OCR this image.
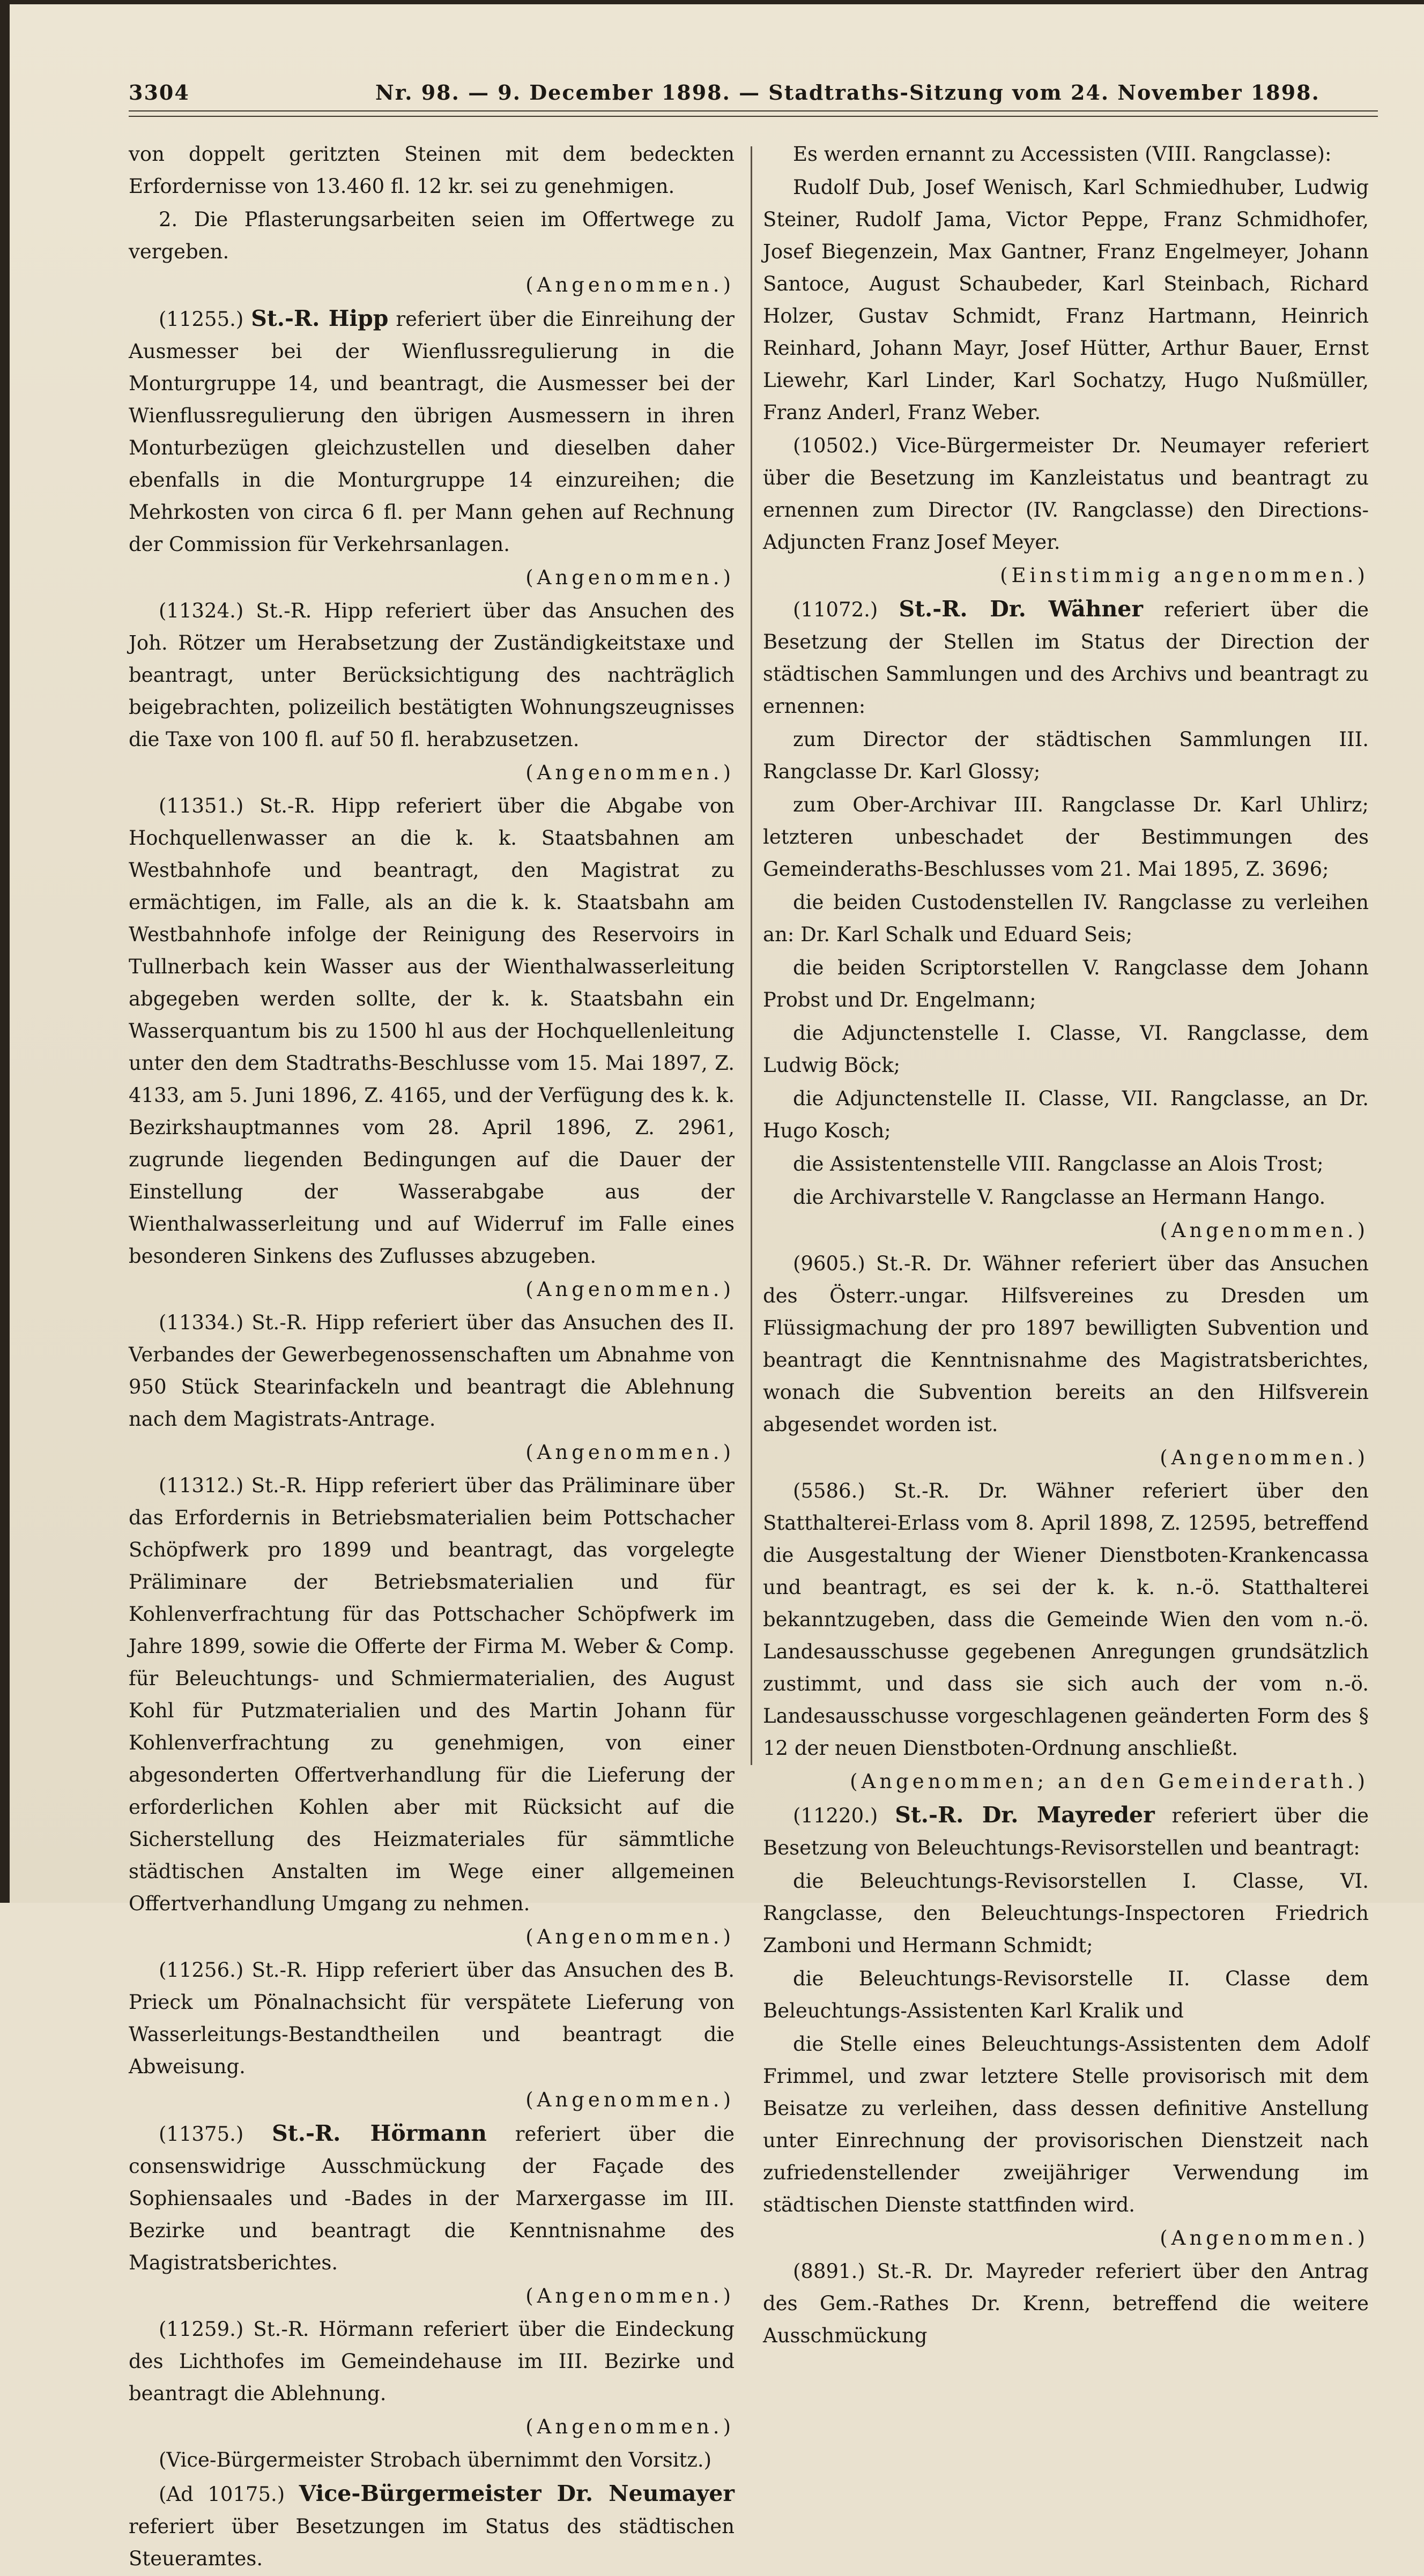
3304	Nr. 98. — 9. December 1898. — Stadtraths-Sitzung vom 24. November 1898.

von doppelt geritzten Steinen mit dem bedeckten Erfordernisse von 13.460 fl. 12 kr. sei zu genehmigen.

2. Die Pflasterungsarbeiten seien im Offertwege zu vergeben.

(Angenommen.)

(11255.) St.-R. Hipp referiert über die Einreihung der Ausmesser bei der Wienflussregulierung in die Monturgruppe 14, und beantragt, die Ausmesser bei der Wienflussregulierung den übrigen Ausmessern in ihren Monturbezügen gleichzustellen und dieselben daher ebenfalls in die Monturgruppe 14 einzureihen; die Mehrkosten von circa 6 fl. per Mann gehen auf Rechnung der Commission für Verkehrsanlagen.

(Angenommen.)

(11324.) St.-R. Hipp referiert über das Ansuchen des Joh. Rötzer um Herabsetzung der Zuständigkeitstaxe und beantragt, unter Berücksichtigung des nachträglich beigebrachten, polizeilich bestätigten Wohnungszeugnisses die Taxe von 100 fl. auf 50 fl. herabzusetzen.

(Angenommen.)

(11351.) St.-R. Hipp referiert über die Abgabe von Hochquellenwasser an die k. k. Staatsbahnen am Westbahnhofe und beantragt, den Magistrat zu ermächtigen, im Falle, als an die k. k. Staatsbahn am Westbahnhofe infolge der Reinigung des Reservoirs in Tullnerbach kein Wasser aus der Wienthalwasserleitung abgegeben werden sollte, der k. k. Staatsbahn ein Wasserquantum bis zu 1500 hl aus der Hochquellenleitung unter den dem Stadtraths-Beschlusse vom 15. Mai 1897, Z. 4133, am 5. Juni 1896, Z. 4165, und der Verfügung des k. k. Bezirkshauptmannes vom 28. April 1896, Z. 2961, zugrunde liegenden Bedingungen auf die Dauer der Einstellung der Wasserabgabe aus der Wienthalwasserleitung und auf Widerruf im Falle eines besonderen Sinkens des Zuflusses abzugeben.

(Angenommen.)

(11334.) St.-R. Hipp referiert über das Ansuchen des II. Verbandes der Gewerbegenossenschaften um Abnahme von 950 Stück Stearinfackeln und beantragt die Ablehnung nach dem Magistrats-Antrage.

(Angenommen.)

(11312.) St.-R. Hipp referiert über das Präliminare über das Erfordernis in Betriebsmaterialien beim Pottschacher Schöpfwerk pro 1899 und beantragt, das vorgelegte Präliminare der Betriebsmaterialien und für Kohlenverfrachtung für das Pottschacher Schöpfwerk im Jahre 1899, sowie die Offerte der Firma M. Weber & Comp. für Beleuchtungs- und Schmiermaterialien, des August Kohl für Putzmaterialien und des Martin Johann für Kohlenverfrachtung zu genehmigen, von einer abgesonderten Offertverhandlung für die Lieferung der erforderlichen Kohlen aber mit Rücksicht auf die Sicherstellung des Heizmateriales für sämmtliche städtischen Anstalten im Wege einer allgemeinen Offertverhandlung Umgang zu nehmen.

(Angenommen.)

(11256.) St.-R. Hipp referiert über das Ansuchen des B. Prieck um Pönalnachsicht für verspätete Lieferung von Wasserleitungs-Bestandtheilen und beantragt die Abweisung.

(Angenommen.)

(11375.) St.-R. Hörmann referiert über die consenswidrige Ausschmückung der Façade des Sophiensaales und -Bades in der Marxergasse im III. Bezirke und beantragt die Kenntnisnahme des Magistratsberichtes.

(Angenommen.)

(11259.) St.-R. Hörmann referiert über die Eindeckung des Lichthofes im Gemeindehause im III. Bezirke und beantragt die Ablehnung.

(Angenommen.)

(Vice-Bürgermeister Strobach übernimmt den Vorsitz.)

(Ad 10175.) Vice-Bürgermeister Dr. Neumayer referiert über Besetzungen im Status des städtischen Steueramtes.

Es werden ernannt zu Accessisten (VIII. Rangclasse):

Rudolf Dub, Josef Wenisch, Karl Schmiedhuber, Ludwig Steiner, Rudolf Jama, Victor Peppe, Franz Schmidhofer, Josef Biegenzein, Max Gantner, Franz Engelmeyer, Johann Santoce, August Schaubeder, Karl Steinbach, Richard Holzer, Gustav Schmidt, Franz Hartmann, Heinrich Reinhard, Johann Mayr, Josef Hütter, Arthur Bauer, Ernst Liewehr, Karl Linder, Karl Sochatzy, Hugo Nußmüller, Franz Anderl, Franz Weber.

(10502.) Vice-Bürgermeister Dr. Neumayer referiert über die Besetzung im Kanzleistatus und beantragt zu ernennen zum Director (IV. Rangclasse) den Directions-Adjuncten Franz Josef Meyer.

(Einstimmig angenommen.)

(11072.) St.-R. Dr. Wähner referiert über die Besetzung der Stellen im Status der Direction der städtischen Sammlungen und des Archivs und beantragt zu ernennen:

zum Director der städtischen Sammlungen III. Rangclasse Dr. Karl Glossy;

zum Ober-Archivar III. Rangclasse Dr. Karl Uhlirz; letzteren unbeschadet der Bestimmungen des Gemeinderaths-Beschlusses vom 21. Mai 1895, Z. 3696;

die beiden Custodenstellen IV. Rangclasse zu verleihen an: Dr. Karl Schalk und Eduard Seis;

die beiden Scriptorstellen V. Rangclasse dem Johann Probst und Dr. Engelmann;

die Adjunctenstelle I. Classe, VI. Rangclasse, dem Ludwig Böck;

die Adjunctenstelle II. Classe, VII. Rangclasse, an Dr. Hugo Kosch;

die Assistentenstelle VIII. Rangclasse an Alois Trost;

die Archivarstelle V. Rangclasse an Hermann Hango.

(Angenommen.)

(9605.) St.-R. Dr. Wähner referiert über das Ansuchen des Österr.-ungar. Hilfsvereines zu Dresden um Flüssigmachung der pro 1897 bewilligten Subvention und beantragt die Kenntnisnahme des Magistratsberichtes, wonach die Subvention bereits an den Hilfsverein abgesendet worden ist.

(Angenommen.)

(5586.) St.-R. Dr. Wähner referiert über den Statthalterei-Erlass vom 8. April 1898, Z. 12595, betreffend die Ausgestaltung der Wiener Dienstboten-Krankencassa und beantragt, es sei der k. k. n.-ö. Statthalterei bekanntzugeben, dass die Gemeinde Wien den vom n.-ö. Landesausschusse gegebenen Anregungen grundsätzlich zustimmt, und dass sie sich auch der vom n.-ö. Landesausschusse vorgeschlagenen geänderten Form des § 12 der neuen Dienstboten-Ordnung anschließt.

(Angenommen; an den Gemeinderath.)

(11220.) St.-R. Dr. Mayreder referiert über die Besetzung von Beleuchtungs-Revisorstellen und beantragt:

die Beleuchtungs-Revisorstellen I. Classe, VI. Rangclasse, den Beleuchtungs-Inspectoren Friedrich Zamboni und Hermann Schmidt;

die Beleuchtungs-Revisorstelle II. Classe dem Beleuchtungs-Assistenten Karl Kralik und

die Stelle eines Beleuchtungs-Assistenten dem Adolf Frimmel, und zwar letztere Stelle provisorisch mit dem Beisatze zu verleihen, dass dessen definitive Anstellung unter Einrechnung der provisorischen Dienstzeit nach zufriedenstellender zweijähriger Verwendung im städtischen Dienste stattfinden wird.

(Angenommen.)

(8891.) St.-R. Dr. Mayreder referiert über den Antrag des Gem.-Rathes Dr. Krenn, betreffend die weitere Ausschmückung
